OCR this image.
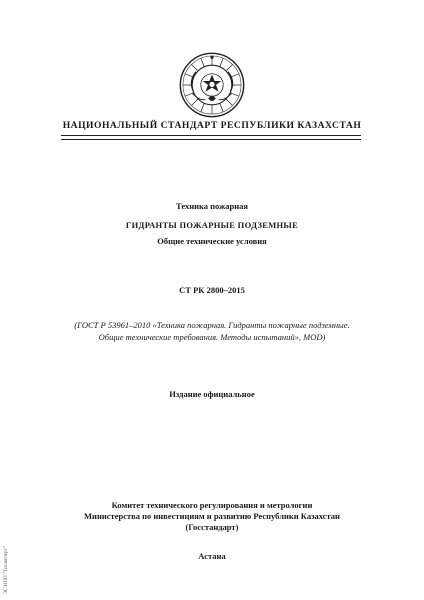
НАЦИОНАЛЬНЫЙ СТАНДАРТ РЕСПУБЛИКИ КАЗАХСТАН
Техника пожарная
ГИДРАНТЫ ПОЖАРНЫЕ ПОДЗЕМНЫЕ
Общие технические условия
СТ РК 2800–2015
(ГОСТ Р 53961–2010 «Техника пожарная. Гидранты пожарные подземные.
Общие технические требования. Методы испытаний», MOD)
Издание официальное
Комитет технического регулирования и метрологии
Министерства по инвестициям и развитию Республики Казахстан
(Госстандарт)
Астана
ЭС НПП "Техэксперт"
